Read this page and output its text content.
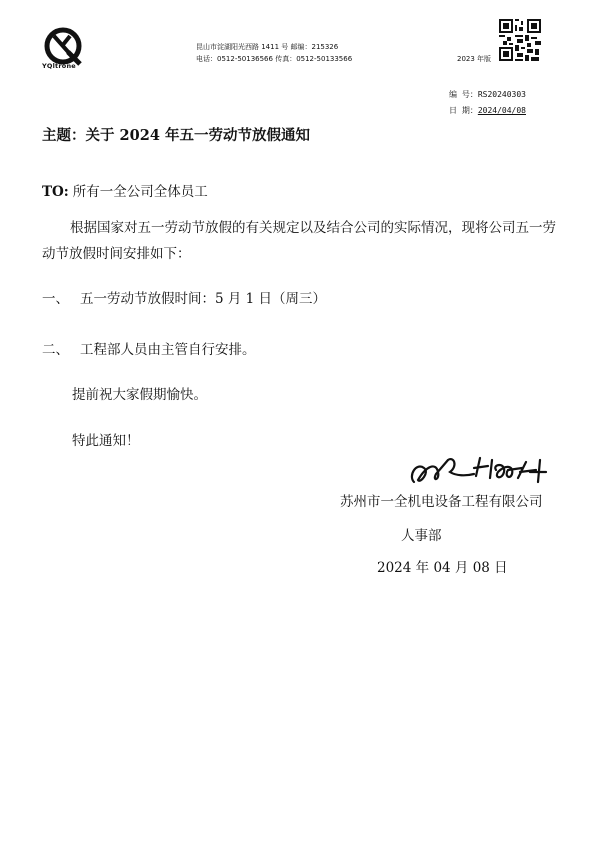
YQltrone
昆山市淀湖阳光西路 1411 号 邮编：215326
电话：0512-50136566 传真：0512-50133566	2023 年版
编 号：RS20240303
日 期：2024/04/08
主题：关于 2024 年五一劳动节放假通知
TO: 所有一全公司全体员工
根据国家对五一劳动节放假的有关规定以及结合公司的实际情况，现将公司五一劳动节放假时间安排如下：
一、 五一劳动节放假时间：5 月 1 日（周三）
二、 工程部人员由主管自行安排。
提前祝大家假期愉快。
特此通知！
苏州市一全机电设备工程有限公司
人事部
2024 年 04 月 08 日
